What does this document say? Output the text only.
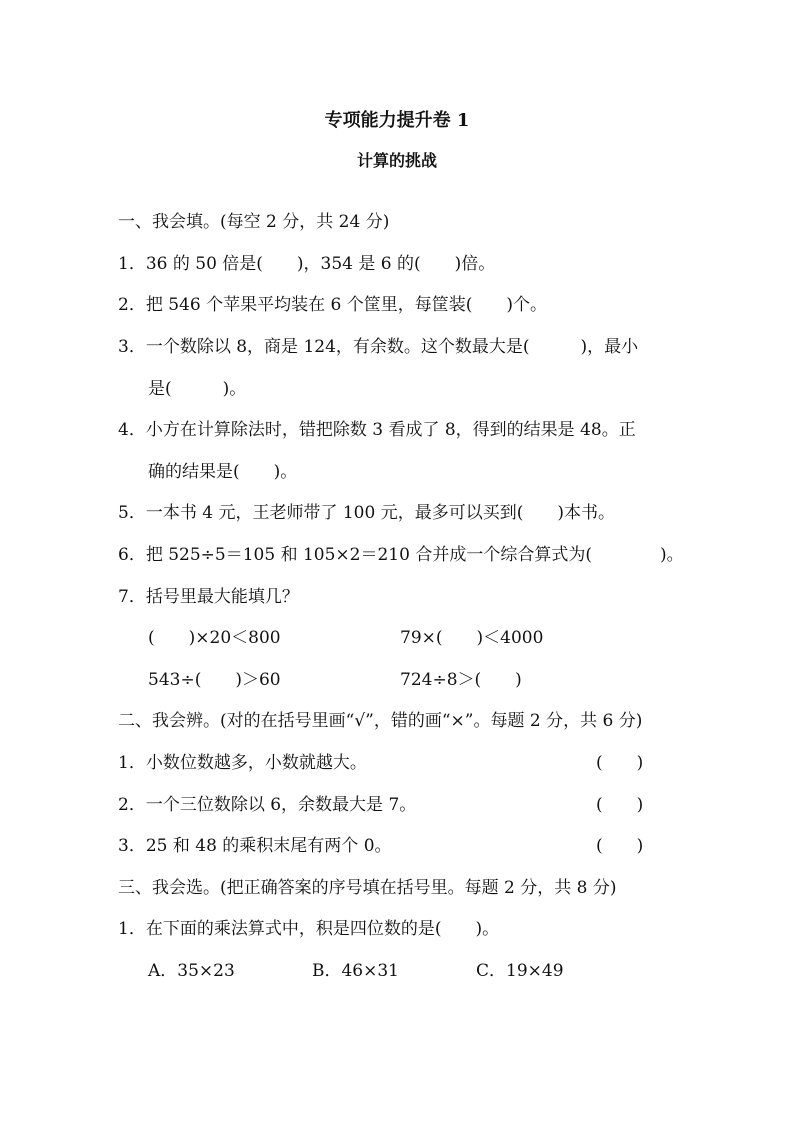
专项能力提升卷 1
计算的挑战
一、我会填。(每空 2 分，共 24 分)
1．36 的 50 倍是(　　)，354 是 6 的(　　)倍。
2．把 546 个苹果平均装在 6 个筐里，每筐装(　　)个。
3．一个数除以 8，商是 124，有余数。这个数最大是(　　　)，最小
是(　　　)。
4．小方在计算除法时，错把除数 3 看成了 8，得到的结果是 48。正
确的结果是(　　)。
5．一本书 4 元，王老师带了 100 元，最多可以买到(　　)本书。
6．把 525÷5＝105 和 105×2＝210 合并成一个综合算式为(　　　　)。
7．括号里最大能填几？
(　　)×20＜800	79×(　　)＜4000
543÷(　　)＞60	724÷8＞(　　)
二、我会辨。(对的在括号里画“√”，错的画“×”。每题 2 分，共 6 分)
1．小数位数越多，小数就越大。	(　　)
2．一个三位数除以 6，余数最大是 7。	(　　)
3．25 和 48 的乘积末尾有两个 0。	(　　)
三、我会选。(把正确答案的序号填在括号里。每题 2 分，共 8 分)
1．在下面的乘法算式中，积是四位数的是(　　)。
A．35×23	B．46×31	C．19×49
